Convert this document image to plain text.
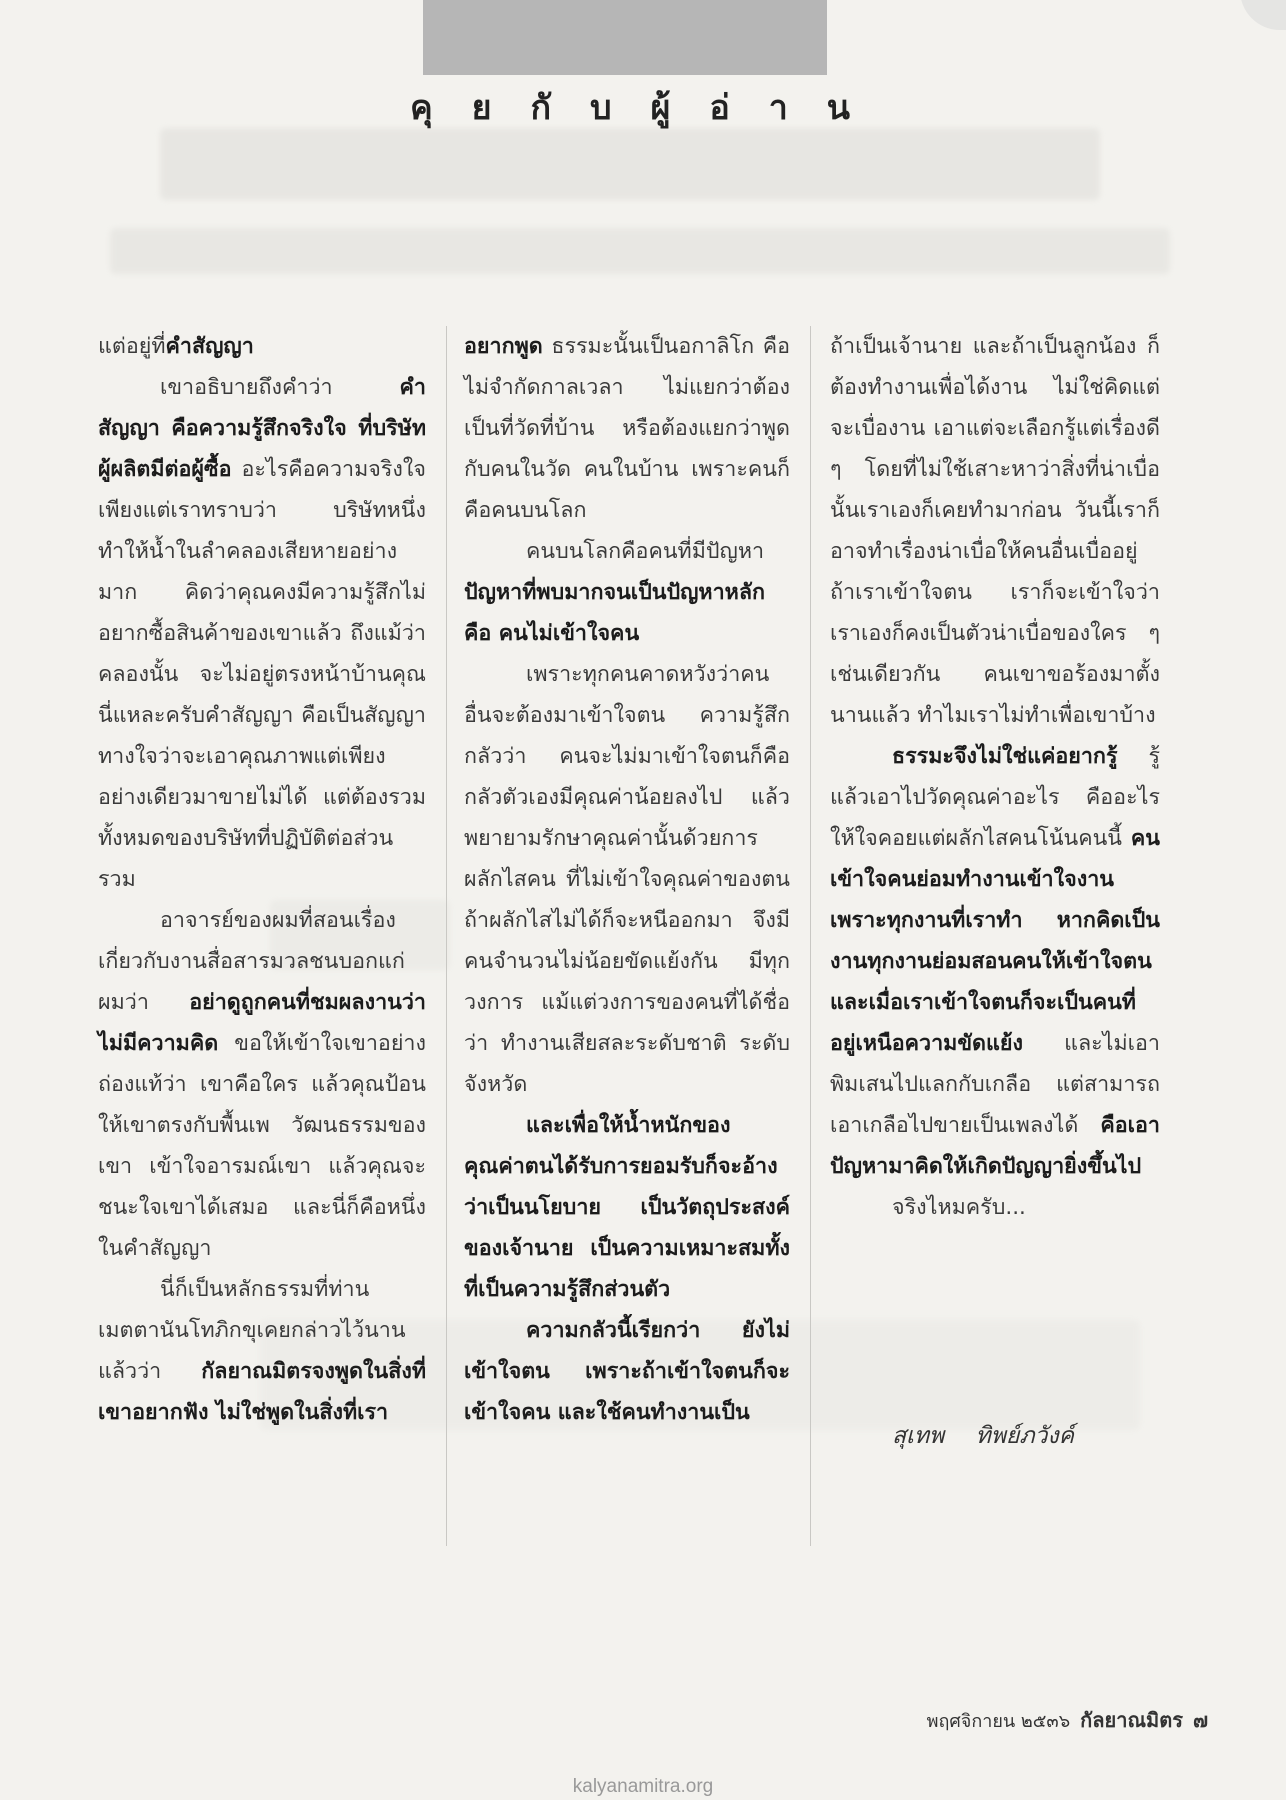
คุ ย กั บ ผู้ อ่ า น

แต่อยู่ที่คำสัญญา

เขาอธิบายถึงคำว่า คำสัญญา คือความรู้สึกจริงใจ ที่บริษัทผู้ผลิตมีต่อผู้ซื้อ อะไรคือความจริงใจ เพียงแต่เราทราบว่า บริษัทหนึ่งทำให้น้ำในลำคลองเสียหายอย่างมาก คิดว่าคุณคงมีความรู้สึกไม่อยากซื้อสินค้าของเขาแล้ว ถึงแม้ว่าคลองนั้น จะไม่อยู่ตรงหน้าบ้านคุณ นี่แหละครับคำสัญญา คือเป็นสัญญาทางใจว่าจะเอาคุณภาพแต่เพียงอย่างเดียวมาขายไม่ได้ แต่ต้องรวมทั้งหมดของบริษัทที่ปฏิบัติต่อส่วนรวม

อาจารย์ของผมที่สอนเรื่องเกี่ยวกับงานสื่อสารมวลชนบอกแก่ผมว่า อย่าดูถูกคนที่ชมผลงานว่าไม่มีความคิด ขอให้เข้าใจเขาอย่างถ่องแท้ว่า เขาคือใคร แล้วคุณป้อนให้เขาตรงกับพื้นเพ วัฒนธรรมของเขา เข้าใจอารมณ์เขา แล้วคุณจะชนะใจเขาได้เสมอ และนี่ก็คือหนึ่งในคำสัญญา

นี่ก็เป็นหลักธรรมที่ท่านเมตตานันโทภิกขุเคยกล่าวไว้นานแล้วว่า กัลยาณมิตรจงพูดในสิ่งที่เขาอยากฟัง ไม่ใช่พูดในสิ่งที่เรา

อยากพูด ธรรมะนั้นเป็นอกาลิโก คือไม่จำกัดกาลเวลา ไม่แยกว่าต้องเป็นที่วัดที่บ้าน หรือต้องแยกว่าพูดกับคนในวัด คนในบ้าน เพราะคนก็คือคนบนโลก

คนบนโลกคือคนที่มีปัญหา ปัญหาที่พบมากจนเป็นปัญหาหลัก คือ คนไม่เข้าใจคน

เพราะทุกคนคาดหวังว่าคนอื่นจะต้องมาเข้าใจตน ความรู้สึกกลัวว่า คนจะไม่มาเข้าใจตนก็คือกลัวตัวเองมีคุณค่าน้อยลงไป แล้วพยายามรักษาคุณค่านั้นด้วยการผลักไสคน ที่ไม่เข้าใจคุณค่าของตน ถ้าผลักไสไม่ได้ก็จะหนีออกมา จึงมีคนจำนวนไม่น้อยขัดแย้งกัน มีทุกวงการ แม้แต่วงการของคนที่ได้ชื่อว่า ทำงานเสียสละระดับชาติ ระดับจังหวัด

และเพื่อให้น้ำหนักของคุณค่าตนได้รับการยอมรับก็จะอ้างว่าเป็นนโยบาย เป็นวัตถุประสงค์ของเจ้านาย เป็นความเหมาะสมทั้งที่เป็นความรู้สึกส่วนตัว

ความกลัวนี้เรียกว่า ยังไม่เข้าใจตน เพราะถ้าเข้าใจตนก็จะเข้าใจคน และใช้คนทำงานเป็น

ถ้าเป็นเจ้านาย และถ้าเป็นลูกน้อง ก็ต้องทำงานเพื่อได้งาน ไม่ใช่คิดแต่จะเบื่องาน เอาแต่จะเลือกรู้แต่เรื่องดี ๆ โดยที่ไม่ใช้เสาะหาว่าสิ่งที่น่าเบื่อนั้นเราเองก็เคยทำมาก่อน วันนี้เราก็อาจทำเรื่องน่าเบื่อให้คนอื่นเบื่ออยู่ ถ้าเราเข้าใจตน เราก็จะเข้าใจว่า เราเองก็คงเป็นตัวน่าเบื่อของใคร ๆ เช่นเดียวกัน คนเขาขอร้องมาตั้งนานแล้ว ทำไมเราไม่ทำเพื่อเขาบ้าง

ธรรมะจึงไม่ใช่แค่อยากรู้ รู้แล้วเอาไปวัดคุณค่าอะไร คืออะไร ให้ใจคอยแต่ผลักไสคนโน้นคนนี้ คนเข้าใจคนย่อมทำงานเข้าใจงาน เพราะทุกงานที่เราทำ หากคิดเป็นงานทุกงานย่อมสอนคนให้เข้าใจตน และเมื่อเราเข้าใจตนก็จะเป็นคนที่อยู่เหนือความขัดแย้ง และไม่เอาพิมเสนไปแลกกับเกลือ แต่สามารถเอาเกลือไปขายเป็นเพลงได้ คือเอาปัญหามาคิดให้เกิดปัญญายิ่งขึ้นไป

จริงไหมครับ...

สุเทพ ทิพย์ภวังค์
พฤศจิกายน ๒๕๓๖ กัลยาณมิตร ๗
kalyanamitra.org
